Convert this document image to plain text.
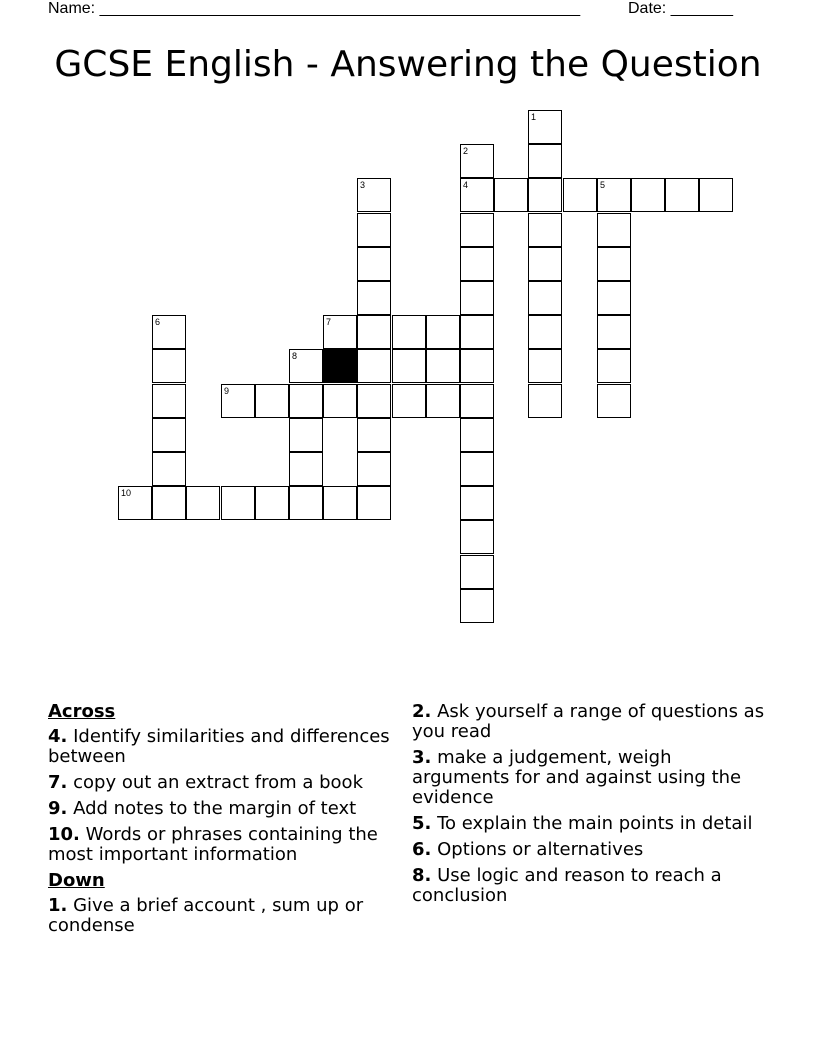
Name: ______________________________________________________	Date: _______
GCSE English - Answering the Question
1
2
4
3	5
6	7
8
9
10
Across
4. Identify similarities and differences between
7. copy out an extract from a book
9. Add notes to the margin of text
10. Words or phrases containing the most important information
Down
1. Give a brief account , sum up or condense
2. Ask yourself a range of questions as you read
3. make a judgement, weigh arguments for and against using the evidence
5. To explain the main points in detail
6. Options or alternatives
8. Use logic and reason to reach a conclusion
